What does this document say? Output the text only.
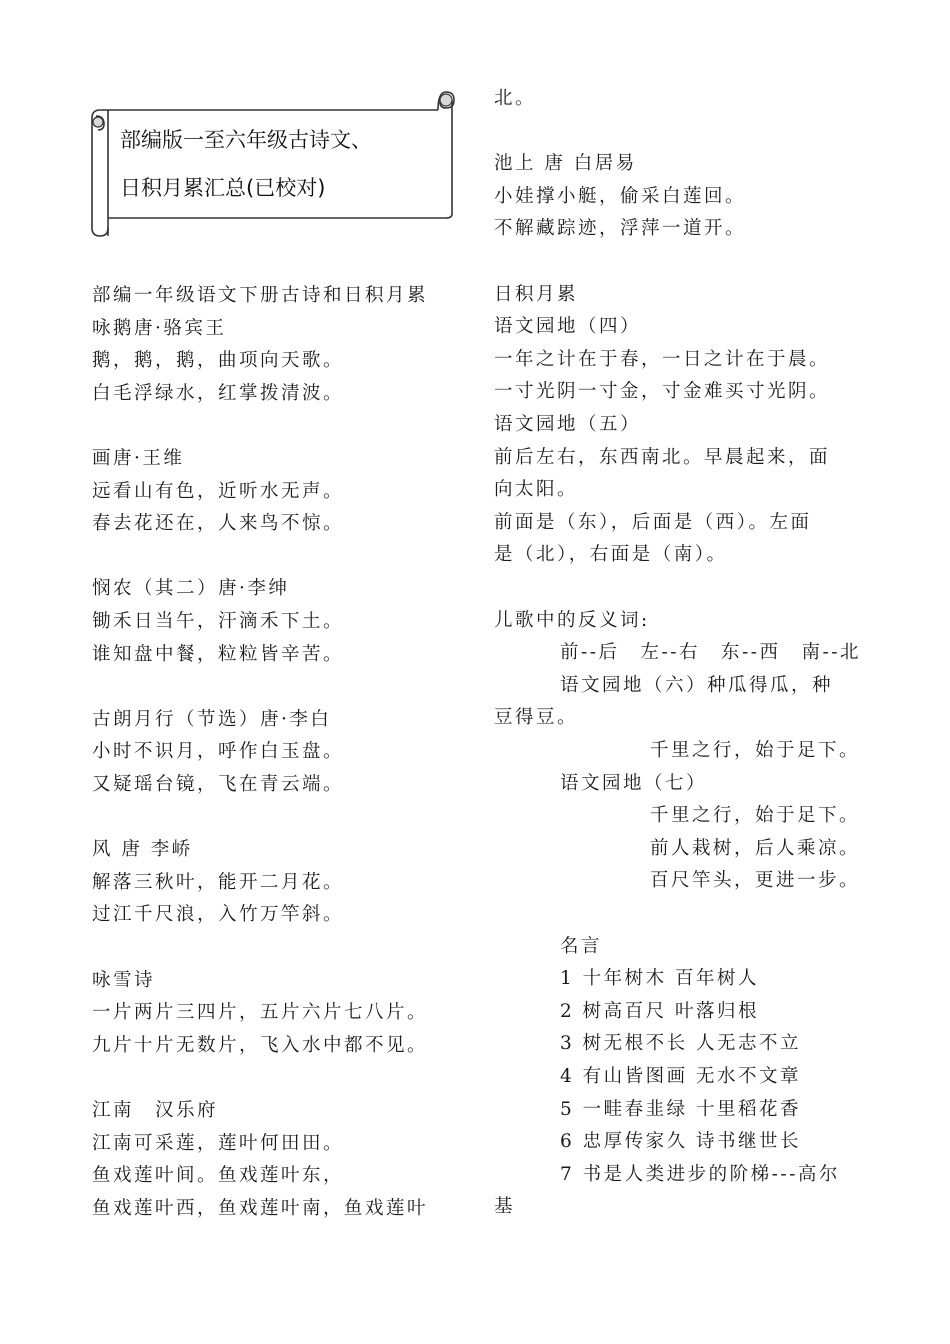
部编版一至六年级古诗文、
日积月累汇总(已校对)
部编一年级语文下册古诗和日积月累
咏鹅唐·骆宾王
鹅，鹅，鹅，曲项向天歌。
白毛浮绿水，红掌拨清波。
画唐·王维
远看山有色，近听水无声。
春去花还在，人来鸟不惊。
悯农（其二）唐·李绅
锄禾日当午，汗滴禾下土。
谁知盘中餐，粒粒皆辛苦。
古朗月行（节选）唐·李白
小时不识月，呼作白玉盘。
又疑瑶台镜，飞在青云端。
风 唐 李峤
解落三秋叶，能开二月花。
过江千尺浪，入竹万竿斜。
咏雪诗
一片两片三四片，五片六片七八片。
九片十片无数片，飞入水中都不见。
江南　汉乐府
江南可采莲，莲叶何田田。
鱼戏莲叶间。鱼戏莲叶东，
鱼戏莲叶西，鱼戏莲叶南，鱼戏莲叶
北。
池上 唐 白居易
小娃撑小艇，偷采白莲回。
不解藏踪迹，浮萍一道开。
日积月累
语文园地（四）
一年之计在于春，一日之计在于晨。
一寸光阴一寸金，寸金难买寸光阴。
语文园地（五）
前后左右，东西南北。早晨起来，面
向太阳。
前面是（东），后面是（西）。左面
是（北），右面是（南）。
儿歌中的反义词:
前--后　左--右　东--西　南--北
语文园地（六）种瓜得瓜，种
豆得豆。
千里之行，始于足下。
语文园地（七）
千里之行，始于足下。
前人栽树，后人乘凉。
百尺竿头，更进一步。
名言
1 十年树木 百年树人
2 树高百尺 叶落归根
3 树无根不长 人无志不立
4 有山皆图画 无水不文章
5 一畦春韭绿 十里稻花香
6 忠厚传家久 诗书继世长
7 书是人类进步的阶梯---高尔
基
